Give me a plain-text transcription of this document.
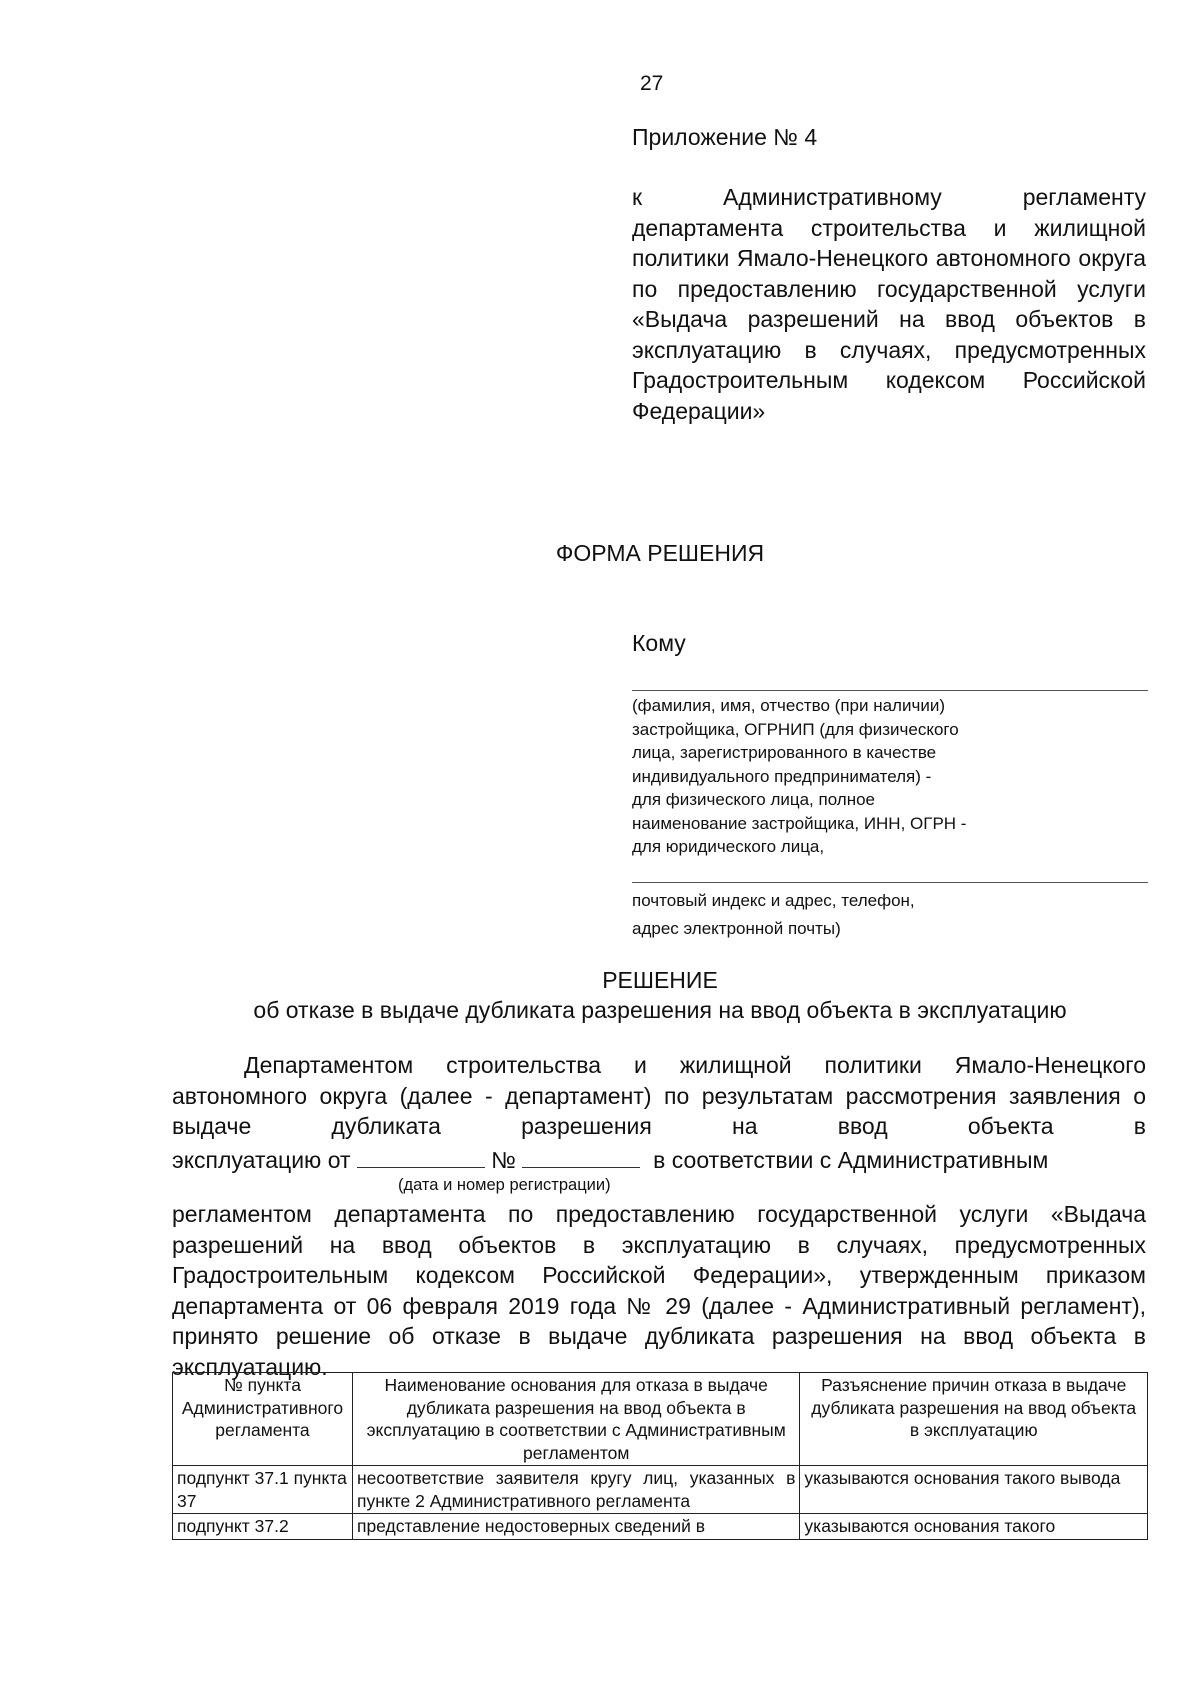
27
Приложение № 4
к Административному регламенту департамента строительства и жилищной политики Ямало-Ненецкого автономного округа по предоставлению государственной услуги «Выдача разрешений на ввод объектов в эксплуатацию в случаях, предусмотренных Градостроительным кодексом Российской Федерации»
ФОРМА РЕШЕНИЯ
Кому
(фамилия, имя, отчество (при наличии)
застройщика, ОГРНИП (для физического
лица, зарегистрированного в качестве
индивидуального предпринимателя) -
для физического лица, полное
наименование застройщика, ИНН, ОГРН -
для юридического лица,
почтовый индекс и адрес, телефон,
адрес электронной почты)
РЕШЕНИЕ
об отказе в выдаче дубликата разрешения на ввод объекта в эксплуатацию
Департаментом строительства и жилищной политики Ямало-Ненецкого автономного округа (далее - департамент) по результатам рассмотрения заявления о выдаче дубликата разрешения на ввод объекта в
эксплуатацию от	№	в соответствии с Административным
(дата и номер регистрации)
регламентом департамента по предоставлению государственной услуги «Выдача разрешений на ввод объектов в эксплуатацию в случаях, предусмотренных Градостроительным кодексом Российской Федерации», утвержденным приказом департамента от 06 февраля 2019 года № 29 (далее - Административный регламент), принято решение об отказе в выдаче дубликата разрешения на ввод объекта в эксплуатацию.
№ пункта Административного регламента	Наименование основания для отказа в выдаче дубликата разрешения на ввод объекта в эксплуатацию в соответствии с Административным регламентом	Разъяснение причин отказа в выдаче дубликата разрешения на ввод объекта в эксплуатацию
подпункт 37.1 пункта 37	несоответствие заявителя кругу лиц, указанных в пункте 2 Административного регламента	указываются основания такого вывода
подпункт 37.2	представление недостоверных сведений в	указываются основания такого
